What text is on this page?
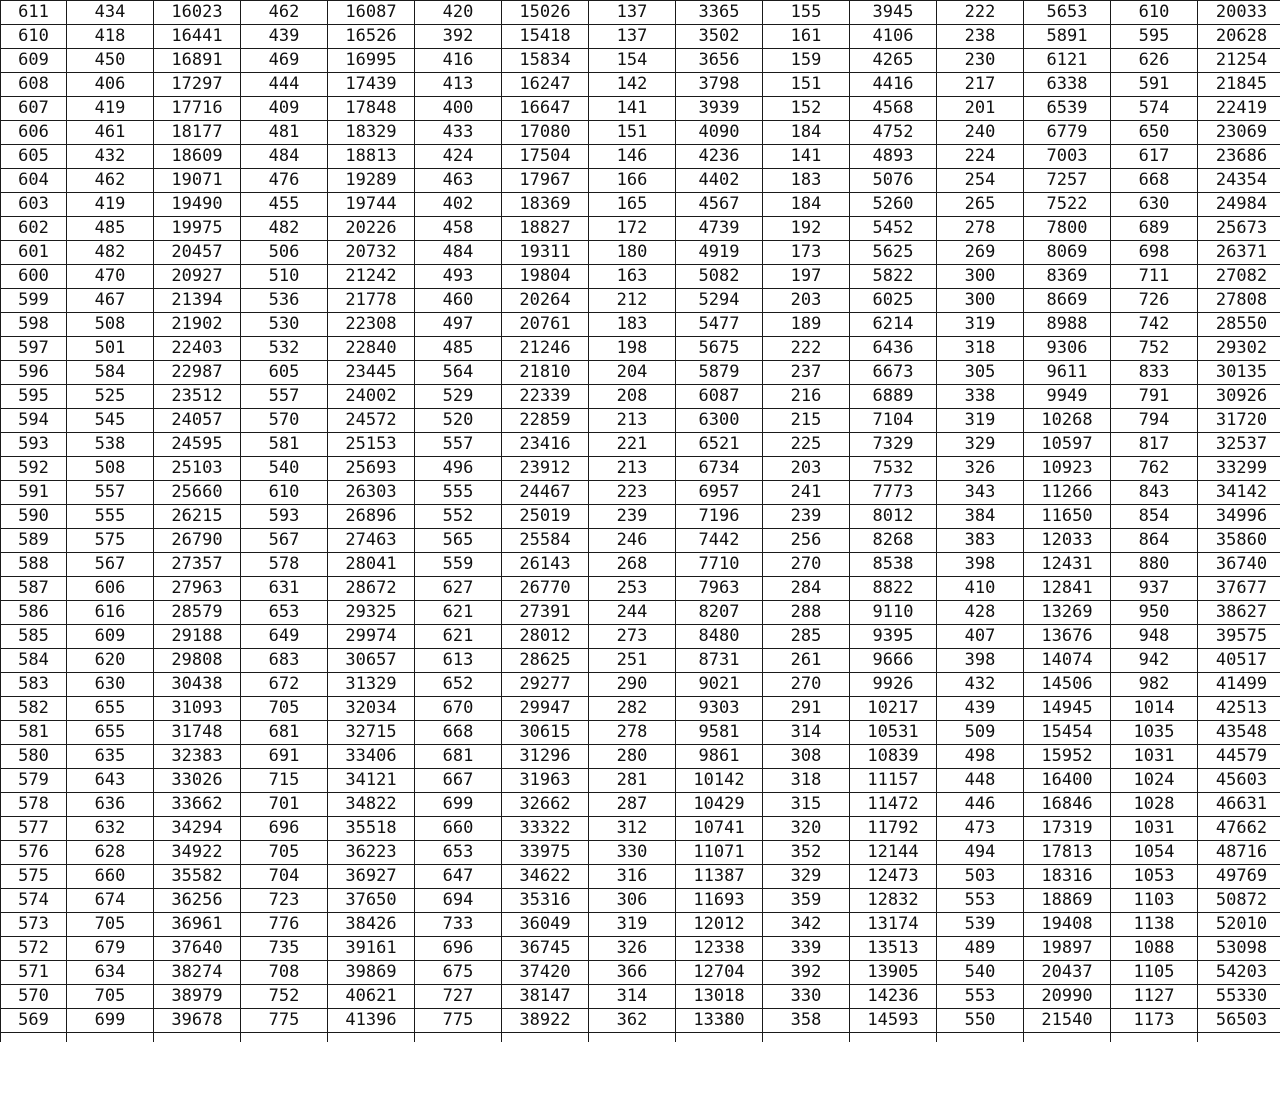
611	434	16023	462	16087	420	15026	137	3365	155	3945	222	5653	610	20033
610	418	16441	439	16526	392	15418	137	3502	161	4106	238	5891	595	20628
609	450	16891	469	16995	416	15834	154	3656	159	4265	230	6121	626	21254
608	406	17297	444	17439	413	16247	142	3798	151	4416	217	6338	591	21845
607	419	17716	409	17848	400	16647	141	3939	152	4568	201	6539	574	22419
606	461	18177	481	18329	433	17080	151	4090	184	4752	240	6779	650	23069
605	432	18609	484	18813	424	17504	146	4236	141	4893	224	7003	617	23686
604	462	19071	476	19289	463	17967	166	4402	183	5076	254	7257	668	24354
603	419	19490	455	19744	402	18369	165	4567	184	5260	265	7522	630	24984
602	485	19975	482	20226	458	18827	172	4739	192	5452	278	7800	689	25673
601	482	20457	506	20732	484	19311	180	4919	173	5625	269	8069	698	26371
600	470	20927	510	21242	493	19804	163	5082	197	5822	300	8369	711	27082
599	467	21394	536	21778	460	20264	212	5294	203	6025	300	8669	726	27808
598	508	21902	530	22308	497	20761	183	5477	189	6214	319	8988	742	28550
597	501	22403	532	22840	485	21246	198	5675	222	6436	318	9306	752	29302
596	584	22987	605	23445	564	21810	204	5879	237	6673	305	9611	833	30135
595	525	23512	557	24002	529	22339	208	6087	216	6889	338	9949	791	30926
594	545	24057	570	24572	520	22859	213	6300	215	7104	319	10268	794	31720
593	538	24595	581	25153	557	23416	221	6521	225	7329	329	10597	817	32537
592	508	25103	540	25693	496	23912	213	6734	203	7532	326	10923	762	33299
591	557	25660	610	26303	555	24467	223	6957	241	7773	343	11266	843	34142
590	555	26215	593	26896	552	25019	239	7196	239	8012	384	11650	854	34996
589	575	26790	567	27463	565	25584	246	7442	256	8268	383	12033	864	35860
588	567	27357	578	28041	559	26143	268	7710	270	8538	398	12431	880	36740
587	606	27963	631	28672	627	26770	253	7963	284	8822	410	12841	937	37677
586	616	28579	653	29325	621	27391	244	8207	288	9110	428	13269	950	38627
585	609	29188	649	29974	621	28012	273	8480	285	9395	407	13676	948	39575
584	620	29808	683	30657	613	28625	251	8731	261	9666	398	14074	942	40517
583	630	30438	672	31329	652	29277	290	9021	270	9926	432	14506	982	41499
582	655	31093	705	32034	670	29947	282	9303	291	10217	439	14945	1014	42513
581	655	31748	681	32715	668	30615	278	9581	314	10531	509	15454	1035	43548
580	635	32383	691	33406	681	31296	280	9861	308	10839	498	15952	1031	44579
579	643	33026	715	34121	667	31963	281	10142	318	11157	448	16400	1024	45603
578	636	33662	701	34822	699	32662	287	10429	315	11472	446	16846	1028	46631
577	632	34294	696	35518	660	33322	312	10741	320	11792	473	17319	1031	47662
576	628	34922	705	36223	653	33975	330	11071	352	12144	494	17813	1054	48716
575	660	35582	704	36927	647	34622	316	11387	329	12473	503	18316	1053	49769
574	674	36256	723	37650	694	35316	306	11693	359	12832	553	18869	1103	50872
573	705	36961	776	38426	733	36049	319	12012	342	13174	539	19408	1138	52010
572	679	37640	735	39161	696	36745	326	12338	339	13513	489	19897	1088	53098
571	634	38274	708	39869	675	37420	366	12704	392	13905	540	20437	1105	54203
570	705	38979	752	40621	727	38147	314	13018	330	14236	553	20990	1127	55330
569	699	39678	775	41396	775	38922	362	13380	358	14593	550	21540	1173	56503
